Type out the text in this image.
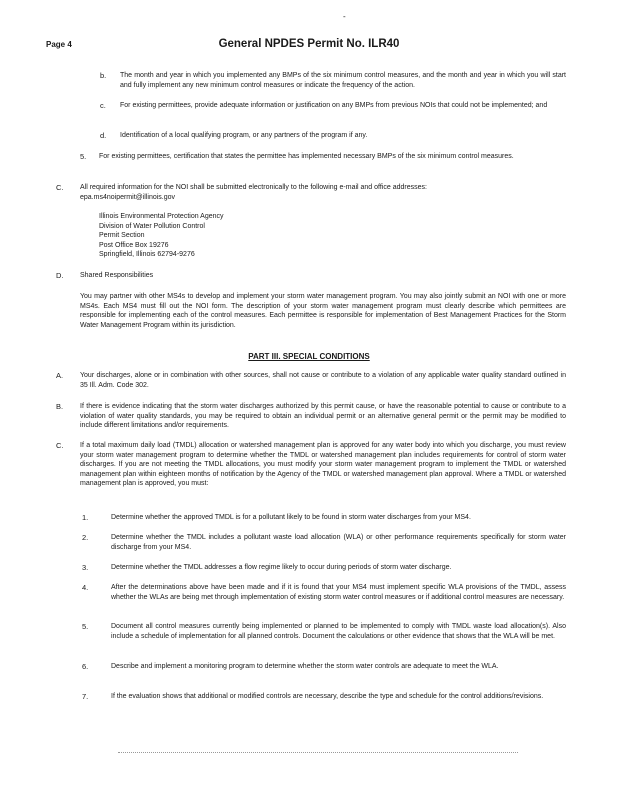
-
Page 4	General NPDES Permit No. ILR40
b. The month and year in which you implemented any BMPs of the six minimum control measures, and the month and year in which you will start and fully implement any new minimum control measures or indicate the frequency of the action.
c. For existing permittees, provide adequate information or justification on any BMPs from previous NOIs that could not be implemented; and
d. Identification of a local qualifying program, or any partners of the program if any.
5. For existing permittees, certification that states the permittee has implemented necessary BMPs of the six minimum control measures.
C. All required information for the NOI shall be submitted electronically to the following e-mail and office addresses:
epa.ms4noipermit@illinois.gov
Illinois Environmental Protection Agency
Division of Water Pollution Control
Permit Section
Post Office Box 19276
Springfield, Illinois 62794-9276
D. Shared Responsibilities
You may partner with other MS4s to develop and implement your storm water management program. You may also jointly submit an NOI with one or more MS4s. Each MS4 must fill out the NOI form. The description of your storm water management program must clearly describe which permittees are responsible for implementing each of the control measures. Each permittee is responsible for implementation of Best Management Practices for the Storm Water Management Program within its jurisdiction.
PART III. SPECIAL CONDITIONS
A. Your discharges, alone or in combination with other sources, shall not cause or contribute to a violation of any applicable water quality standard outlined in 35 Ill. Adm. Code 302.
B. If there is evidence indicating that the storm water discharges authorized by this permit cause, or have the reasonable potential to cause or contribute to a violation of water quality standards, you may be required to obtain an individual permit or an alternative general permit or the permit may be modified to include different limitations and/or requirements.
C. If a total maximum daily load (TMDL) allocation or watershed management plan is approved for any water body into which you discharge, you must review your storm water management program to determine whether the TMDL or watershed management plan includes requirements for control of storm water discharges. If you are not meeting the TMDL allocations, you must modify your storm water management program to implement the TMDL or watershed management plan within eighteen months of notification by the Agency of the TMDL or watershed management plan approval. Where a TMDL or watershed management plan is approved, you must:
1.	Determine whether the approved TMDL is for a pollutant likely to be found in storm water discharges from your MS4.
2.	Determine whether the TMDL includes a pollutant waste load allocation (WLA) or other performance requirements specifically for storm water discharge from your MS4.
3.	Determine whether the TMDL addresses a flow regime likely to occur during periods of storm water discharge.
4.	After the determinations above have been made and if it is found that your MS4 must implement specific WLA provisions of the TMDL, assess whether the WLAs are being met through implementation of existing storm water control measures or if additional control measures are necessary.
5.	Document all control measures currently being implemented or planned to be implemented to comply with TMDL waste load allocation(s). Also include a schedule of implementation for all planned controls. Document the calculations or other evidence that shows that the WLA will be met.
6.	Describe and implement a monitoring program to determine whether the storm water controls are adequate to meet the WLA.
7.	If the evaluation shows that additional or modified controls are necessary, describe the type and schedule for the control additions/revisions.
